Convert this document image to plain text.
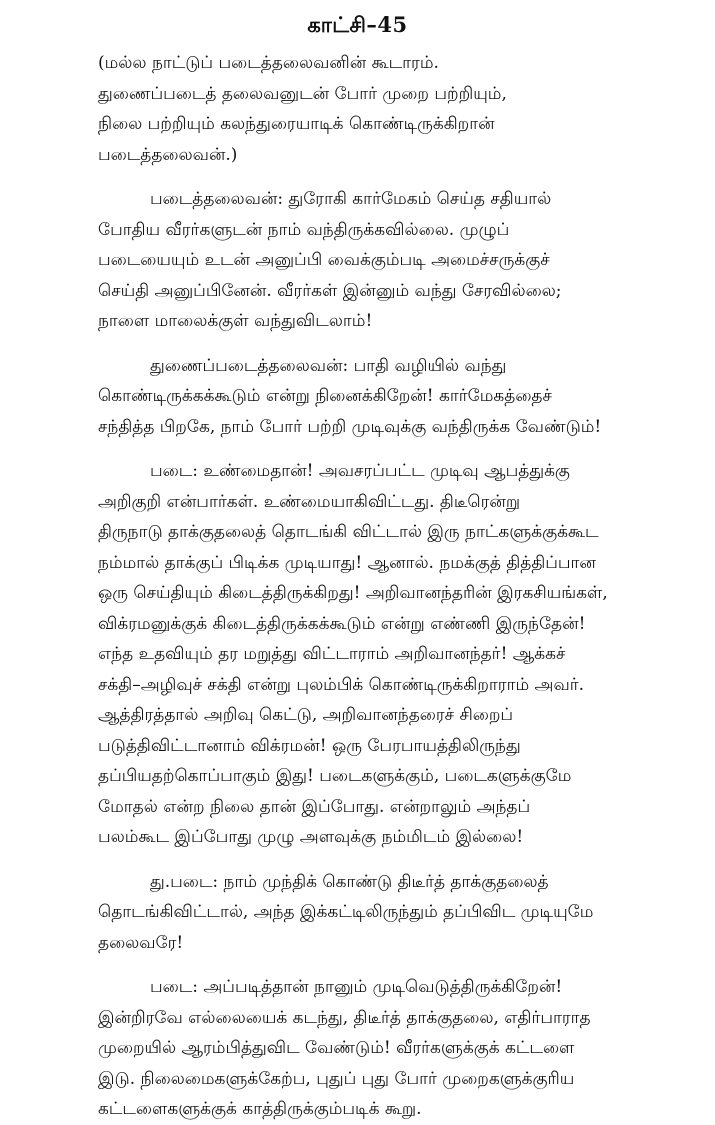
காட்சி–45

(மல்ல நாட்டுப் படைத்தலைவனின் கூடாரம்.
துணைப்படைத் தலைவனுடன் போர் முறை பற்றியும்,
நிலை பற்றியும் கலந்துரையாடிக் கொண்டிருக்கிறான்
படைத்தலைவன்.)

படைத்தலைவன்: துரோகி கார்மேகம் செய்த சதியால்
போதிய வீரர்களுடன் நாம் வந்திருக்கவில்லை. முழுப்
படையையும் உடன் அனுப்பி வைக்கும்படி அமைச்சருக்குச்
செய்தி அனுப்பினேன். வீரர்கள் இன்னும் வந்து சேரவில்லை;
நாளை மாலைக்குள் வந்துவிடலாம்!

துணைப்படைத்தலைவன்: பாதி வழியில் வந்து
கொண்டிருக்கக்கூடும் என்று நினைக்கிறேன்! கார்மேகத்தைச்
சந்தித்த பிறகே, நாம் போர் பற்றி முடிவுக்கு வந்திருக்க வேண்டும்!

படை: உண்மைதான்! அவசரப்பட்ட முடிவு ஆபத்துக்கு
அறிகுறி என்பார்கள். உண்மையாகிவிட்டது. திடீரென்று
திருநாடு தாக்குதலைத் தொடங்கி விட்டால் இரு நாட்களுக்குக்கூட
நம்மால் தாக்குப் பிடிக்க முடியாது! ஆனால். நமக்குத் தித்திப்பான
ஒரு செய்தியும் கிடைத்திருக்கிறது! அறிவானந்தரின் இரகசியங்கள்,
விக்ரமனுக்குக் கிடைத்திருக்கக்கூடும் என்று எண்ணி இருந்தேன்!
எந்த உதவியும் தர மறுத்து விட்டாராம் அறிவானந்தர்! ஆக்கச்
சக்தி–அழிவுச் சக்தி என்று புலம்பிக் கொண்டிருக்கிறாராம் அவர்.
ஆத்திரத்தால் அறிவு கெட்டு, அறிவானந்தரைச் சிறைப்
படுத்திவிட்டானாம் விக்ரமன்! ஒரு பேரபாயத்திலிருந்து
தப்பியதற்கொப்பாகும் இது! படைகளுக்கும், படைகளுக்குமே
மோதல் என்ற நிலை தான் இப்போது. என்றாலும் அந்தப்
பலம்கூட இப்போது முழு அளவுக்கு நம்மிடம் இல்லை!

து.படை: நாம் முந்திக் கொண்டு திடீர்த் தாக்குதலைத்
தொடங்கிவிட்டால், அந்த இக்கட்டிலிருந்தும் தப்பிவிட முடியுமே
தலைவரே!

படை: அப்படித்தான் நானும் முடிவெடுத்திருக்கிறேன்!
இன்றிரவே எல்லையைக் கடந்து, திடீர்த் தாக்குதலை, எதிர்பாராத
முறையில் ஆரம்பித்துவிட வேண்டும்! வீரர்களுக்குக் கட்டளை
இடு. நிலைமைகளுக்கேற்ப, புதுப் புது போர் முறைகளுக்குரிய
கட்டளைகளுக்குக் காத்திருக்கும்படிக் கூறு.
